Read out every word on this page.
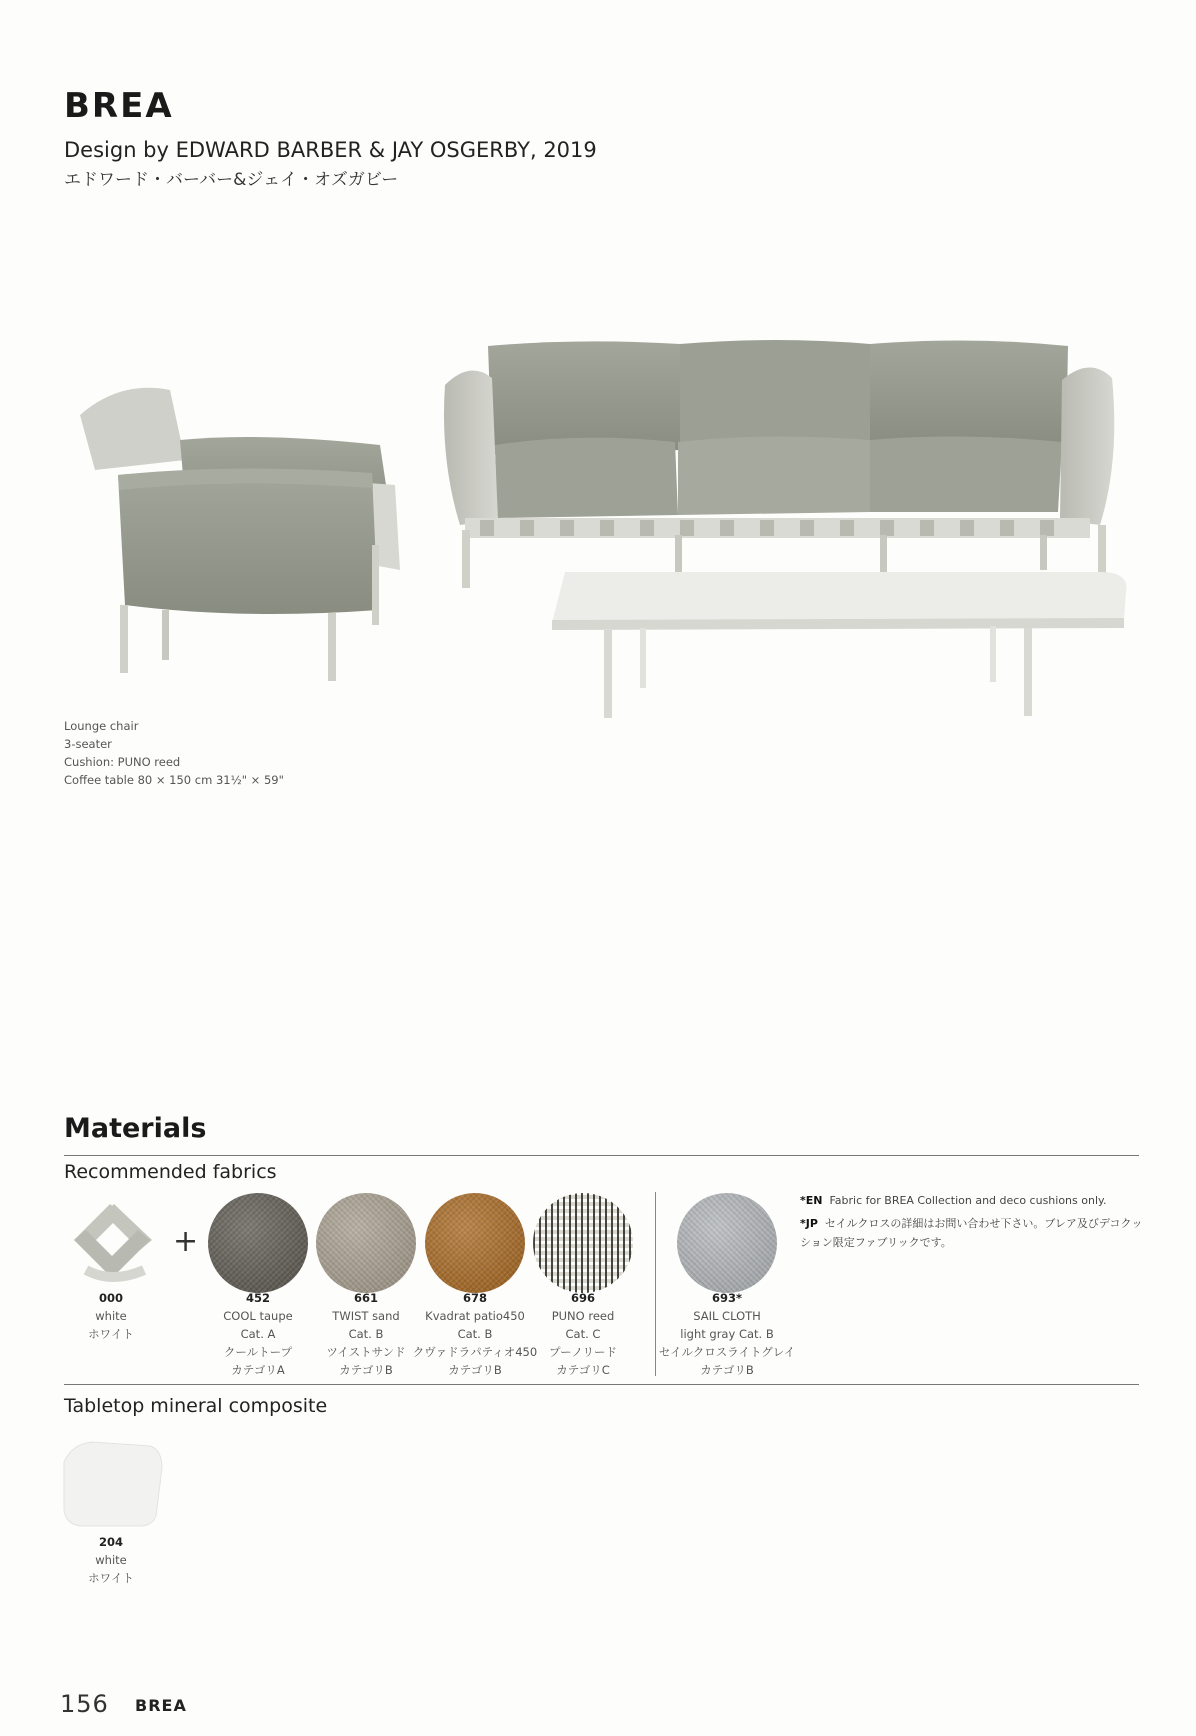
BREA
Design by EDWARD BARBER & JAY OSGERBY, 2019
エドワード・バーバー&ジェイ・オズガビー
Lounge chair
3-seater
Cushion: PUNO reed
Coffee table 80 × 150 cm 31½" × 59"
Materials
Recommended fabrics
+
000
white
ホワイト
452
COOL taupe
Cat. A
クールトープ
カテゴリA
661
TWIST sand
Cat. B
ツイストサンド
カテゴリB
678
Kvadrat patio450
Cat. B
クヴァドラパティオ450
カテゴリB
696
PUNO reed
Cat. C
プーノリード
カテゴリC
693*
SAIL CLOTH
light gray Cat. B
セイルクロスライトグレイ
カテゴリB
*EN Fabric for BREA Collection and deco cushions only.
*JP セイルクロスの詳細はお問い合わせ下さい。ブレア及びデコクッション限定ファブリックです。
Tabletop mineral composite
204
white
ホワイト
156 BREA
